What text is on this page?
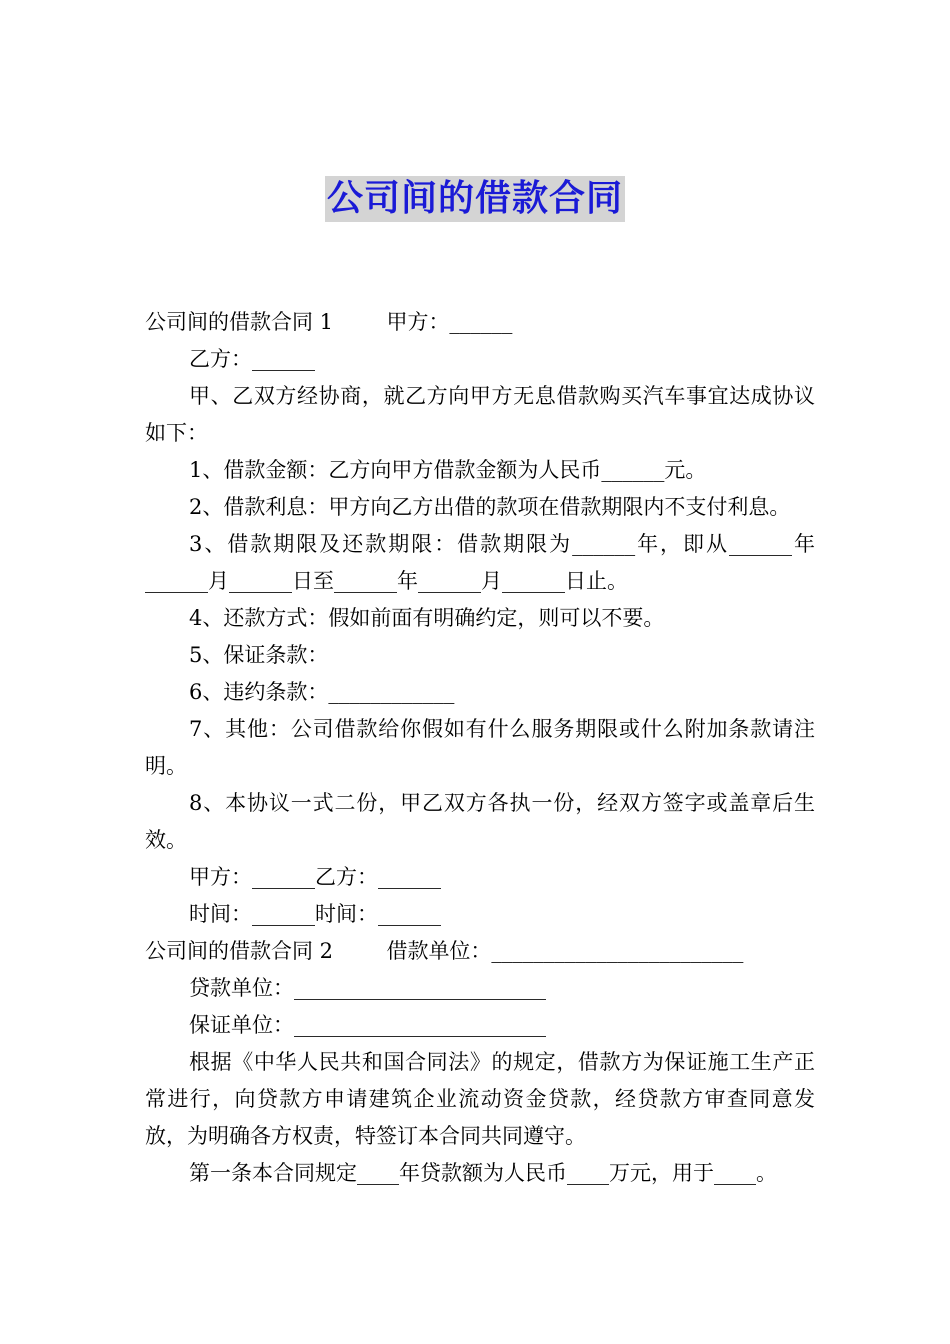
公司间的借款合同

公司间的借款合同 1        甲方：______

乙方：______

甲、乙双方经协商，就乙方向甲方无息借款购买汽车事宜达成协议如下：

1、借款金额：乙方向甲方借款金额为人民币______元。

2、借款利息：甲方向乙方出借的款项在借款期限内不支付利息。

3、借款期限及还款期限：借款期限为______年，即从______年______月______日至______年______月______日止。

4、还款方式：假如前面有明确约定，则可以不要。

5、保证条款：

6、违约条款：____________

7、其他：公司借款给你假如有什么服务期限或什么附加条款请注明。

8、本协议一式二份，甲乙双方各执一份，经双方签字或盖章后生效。

甲方：______乙方：______

时间：______时间：______

公司间的借款合同 2        借款单位：________________________

贷款单位：________________________

保证单位：________________________

根据《中华人民共和国合同法》的规定，借款方为保证施工生产正常进行，向贷款方申请建筑企业流动资金贷款，经贷款方审查同意发放，为明确各方权责，特签订本合同共同遵守。

第一条本合同规定____年贷款额为人民币____万元，用于____。
